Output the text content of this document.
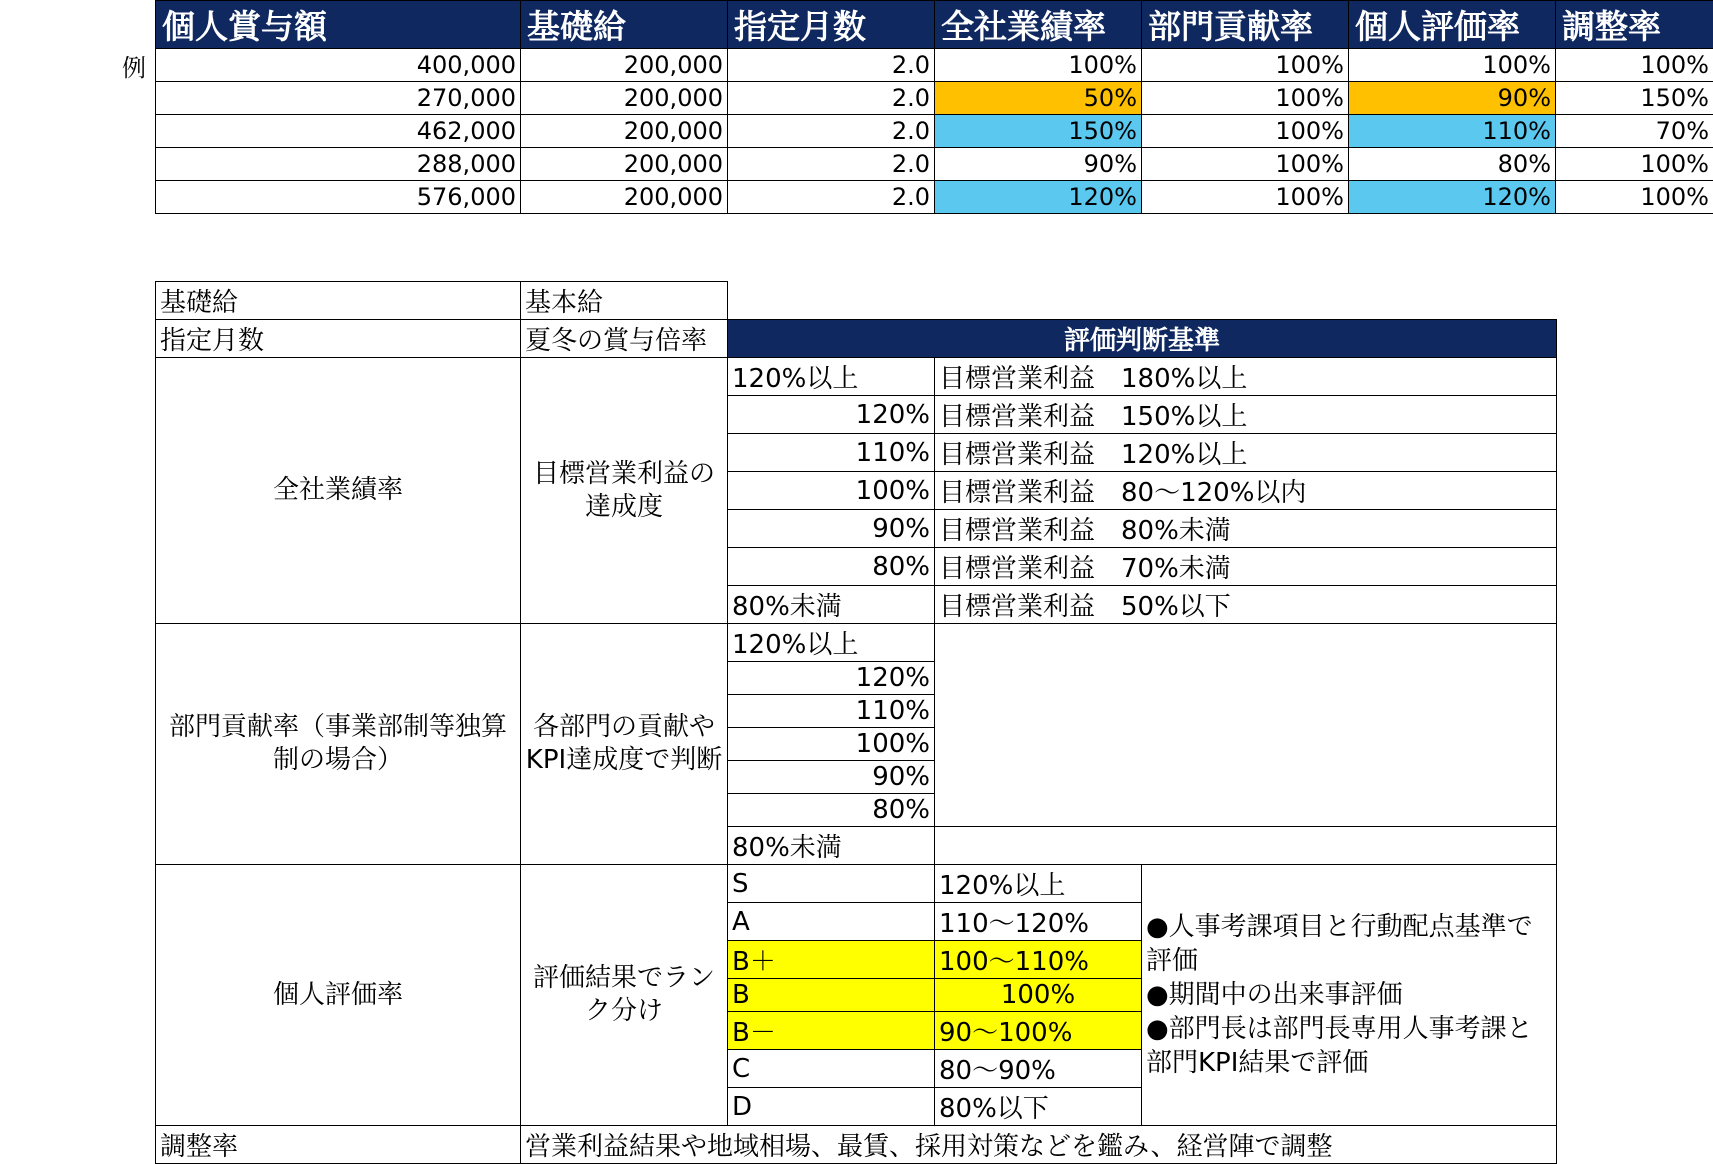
例
個人賞与額	基礎給	指定月数	全社業績率	部門貢献率	個人評価率	調整率
400,000	200,000	2.0	100%	100%	100%	100%
270,000	200,000	2.0	50%	100%	90%	150%
462,000	200,000	2.0	150%	100%	110%	70%
288,000	200,000	2.0	90%	100%	80%	100%
576,000	200,000	2.0	120%	100%	120%	100%
基礎給	基本給			
指定月数	夏冬の賞与倍率	評価判断基準		
全社業績率	目標営業利益の達成度	120%以上	目標営業利益　180%以上	
		120%	目標営業利益　150%以上	
		110%	目標営業利益　120%以上	
		100%	目標営業利益　80～120%以内	
		90%	目標営業利益　80%未満	
		80%	目標営業利益　70%未満	
		80%未満	目標営業利益　50%以下	
部門貢献率（事業部制等独算制の場合）	各部門の貢献やKPI達成度で判断	120%以上		
		120%		
		110%		
		100%		
		90%		
		80%		
		80%未満		
個人評価率	評価結果でランク分け	S	120%以上	●人事考課項目と行動配点基準で評価
●期間中の出来事評価
●部門長は部門長専用人事考課と部門KPI結果で評価
		A	110～120%	
		B＋	100～110%	
		B	100%	
		B－	90～100%	
		C	80～90%	
		D	80%以下	
調整率	営業利益結果や地域相場、最賃、採用対策などを鑑み、経営陣で調整			
